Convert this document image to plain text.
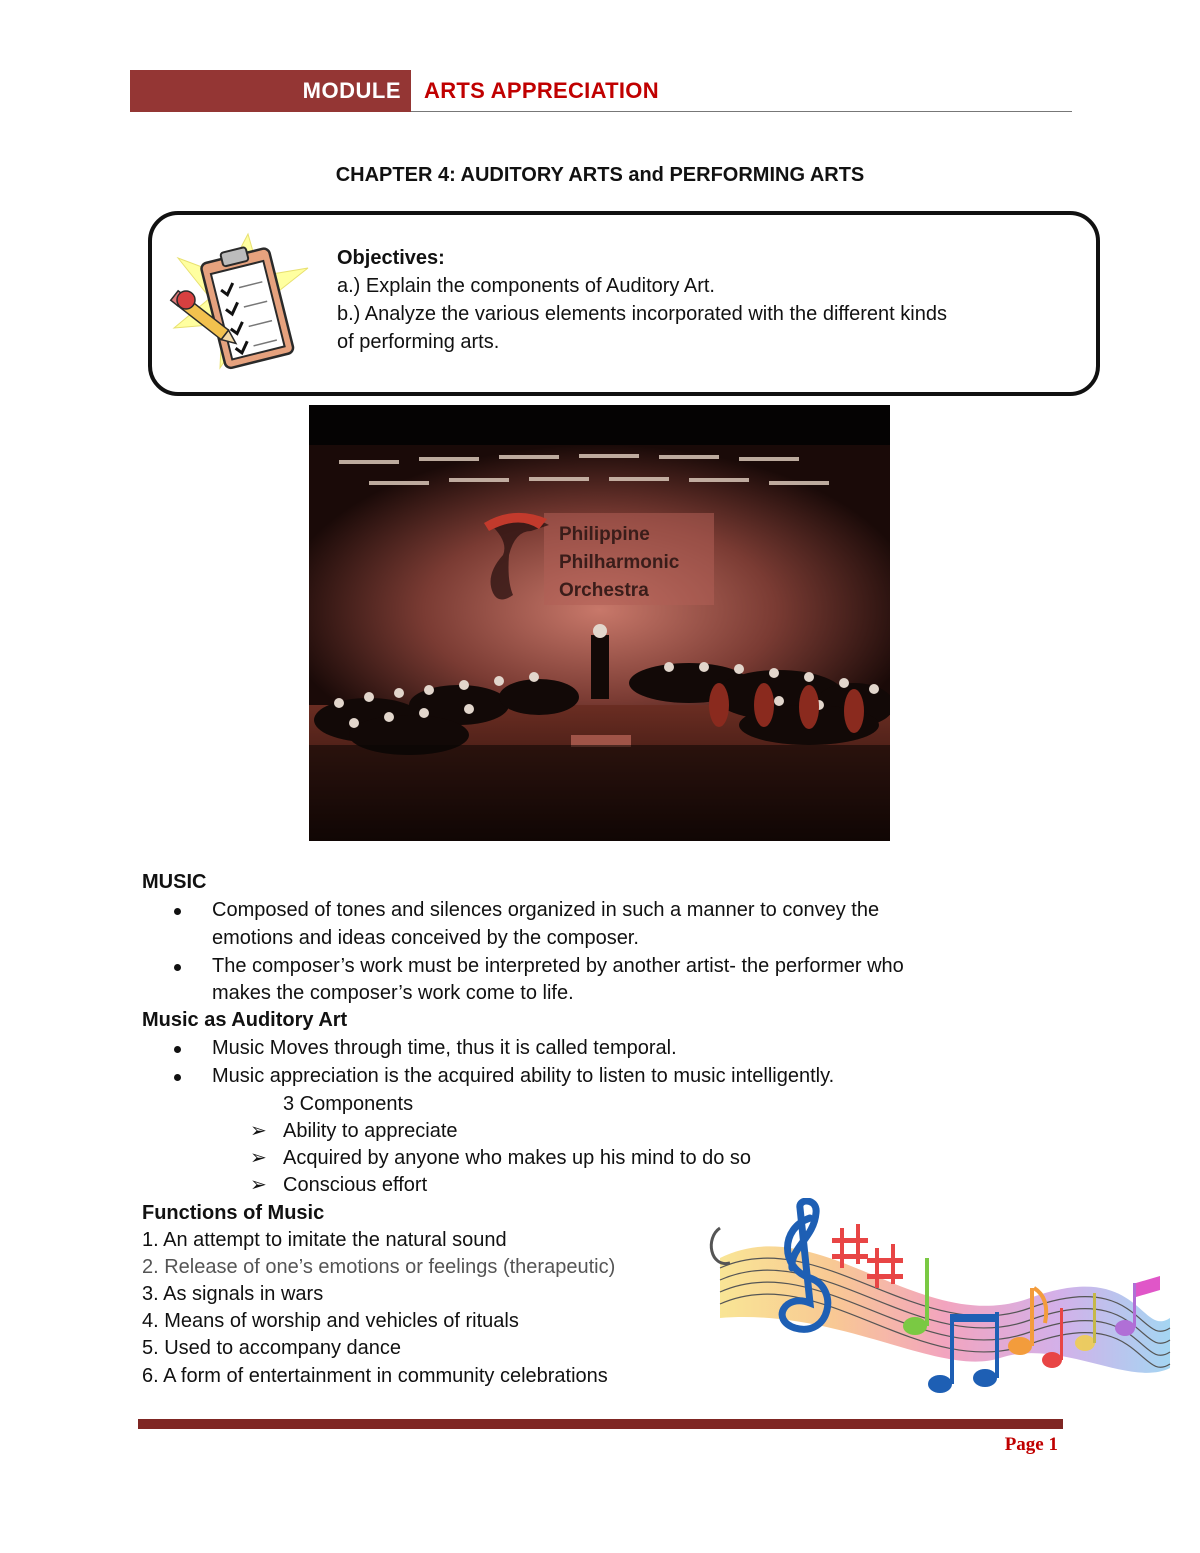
MODULE ARTS APPRECIATION
CHAPTER 4: AUDITORY ARTS and PERFORMING ARTS
Objectives:
a.) Explain the components of Auditory Art.
b.) Analyze the various elements incorporated with the different kinds
of performing arts.
Philippine
Philharmonic
Orchestra
MUSIC
Composed of tones and silences organized in such a manner to convey the
emotions and ideas conceived by the composer.
The composer’s work must be interpreted by another artist- the performer who
makes the composer’s work come to life.
Music as Auditory Art
Music Moves through time, thus it is called temporal.
Music appreciation is the acquired ability to listen to music intelligently.
3 Components
➢ Ability to appreciate
➢ Acquired by anyone who makes up his mind to do so
➢ Conscious effort
Functions of Music
1. An attempt to imitate the natural sound
2. Release of one’s emotions or feelings (therapeutic)
3. As signals in wars
4. Means of worship and vehicles of rituals
5. Used to accompany dance
6. A form of entertainment in community celebrations
Page 1
